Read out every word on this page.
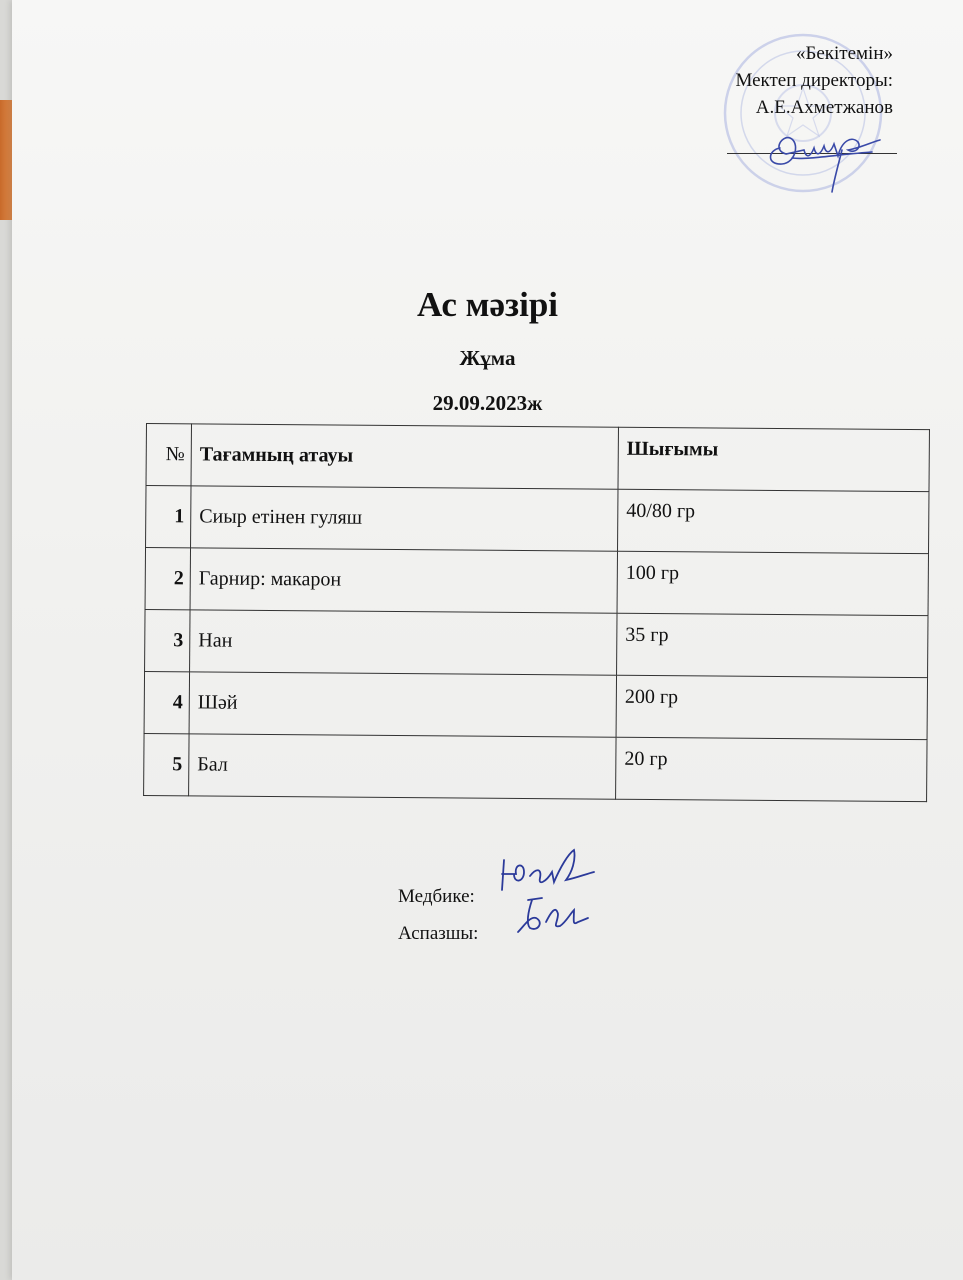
«Бекітемін»
Мектеп директоры:
А.Е.Ахметжанов
Ас мәзірі
Жұма
29.09.2023ж
№	Тағамның атауы	Шығымы
1	Сиыр етінен гуляш	40/80 гр
2	Гарнир: макарон	100 гр
3	Нан	35 гр
4	Шәй	200 гр
5	Бал	20 гр
Медбике:
Аспазшы:
